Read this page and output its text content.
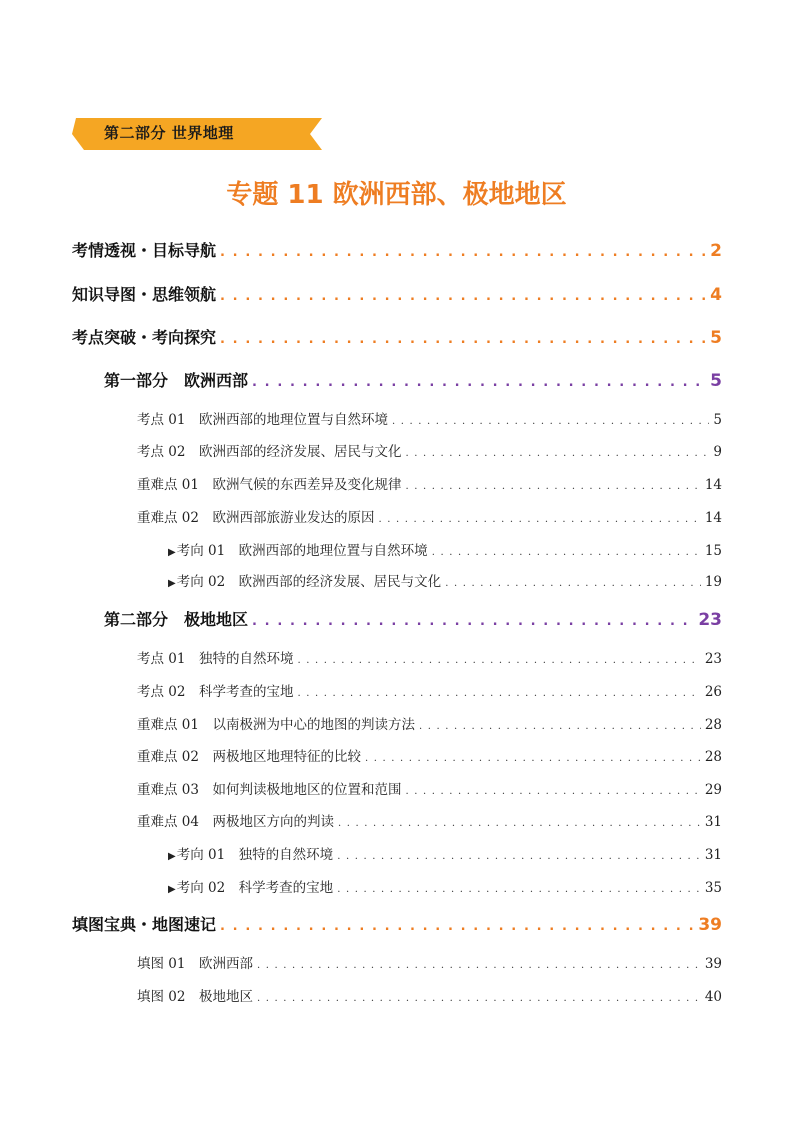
第二部分 世界地理
专题 11 欧洲西部、极地地区
考情透视・目标导航 . . .	2
知识导图・思维领航 . . .	4
考点突破・考向探究 . . .	5
第一部分　欧洲西部 . . .	5
考点 01　欧洲西部的地理位置与自然环境 . . .	5
考点 02　欧洲西部的经济发展、居民与文化 . . .	9
重难点 01　欧洲气候的东西差异及变化规律 . . .	14
重难点 02　欧洲西部旅游业发达的原因 . . .	14
▶考向 01　欧洲西部的地理位置与自然环境 . . .	15
▶考向 02　欧洲西部的经济发展、居民与文化 . . .	19
第二部分　极地地区 . . .	23
考点 01　独特的自然环境 . . .	23
考点 02　科学考查的宝地 . . .	26
重难点 01　以南极洲为中心的地图的判读方法 . . .	28
重难点 02　两极地区地理特征的比较 . . .	28
重难点 03　如何判读极地地区的位置和范围 . . .	29
重难点 04　两极地区方向的判读 . . .	31
▶考向 01　独特的自然环境 . . .	31
▶考向 02　科学考查的宝地 . . .	35
填图宝典・地图速记 . . .	39
填图 01　欧洲西部 . . .	39
填图 02　极地地区 . . .	40
